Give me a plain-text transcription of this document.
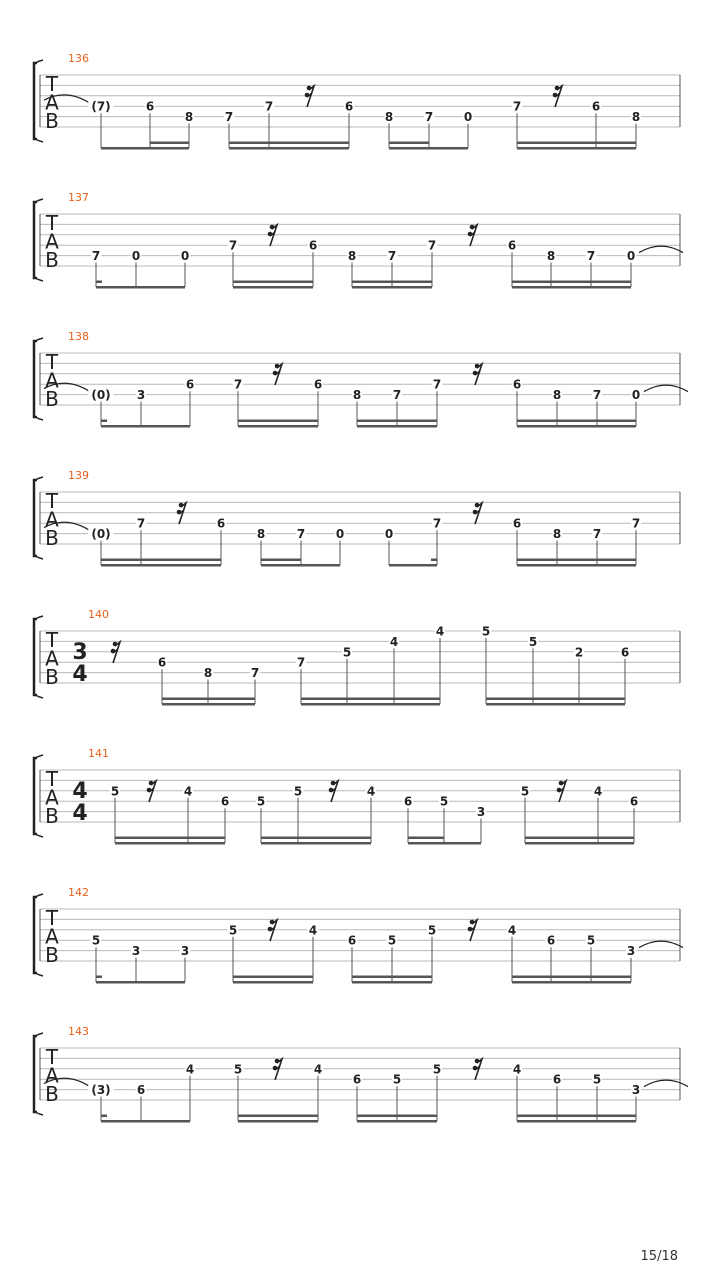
T
A
B
136
(7)	6
8	7
7	6
8	7	0
7	6
8
T
A
B
137
7	0	0
7	6
8	7
7	6
8	7	0
T
A
B
138
(0) 3
6	7	6
8	7
7	6
8	7	0
T
A
B
139
(0)
7	6
8	7	0	0
7	6
8	7
7
T
A
B
140
3
4	6
8	7
7
5
4
4	5
5
2	6
T
A
B
141
4
4
5	4
6 5
5	4
6 5
3
5	4
6
T
A
B
142
5
3	3
5	4
6	5
5	4
6	5
3
T
A
B
143
(3) 6
4	5	4
6	5
5	4
6	5
3
15/18
